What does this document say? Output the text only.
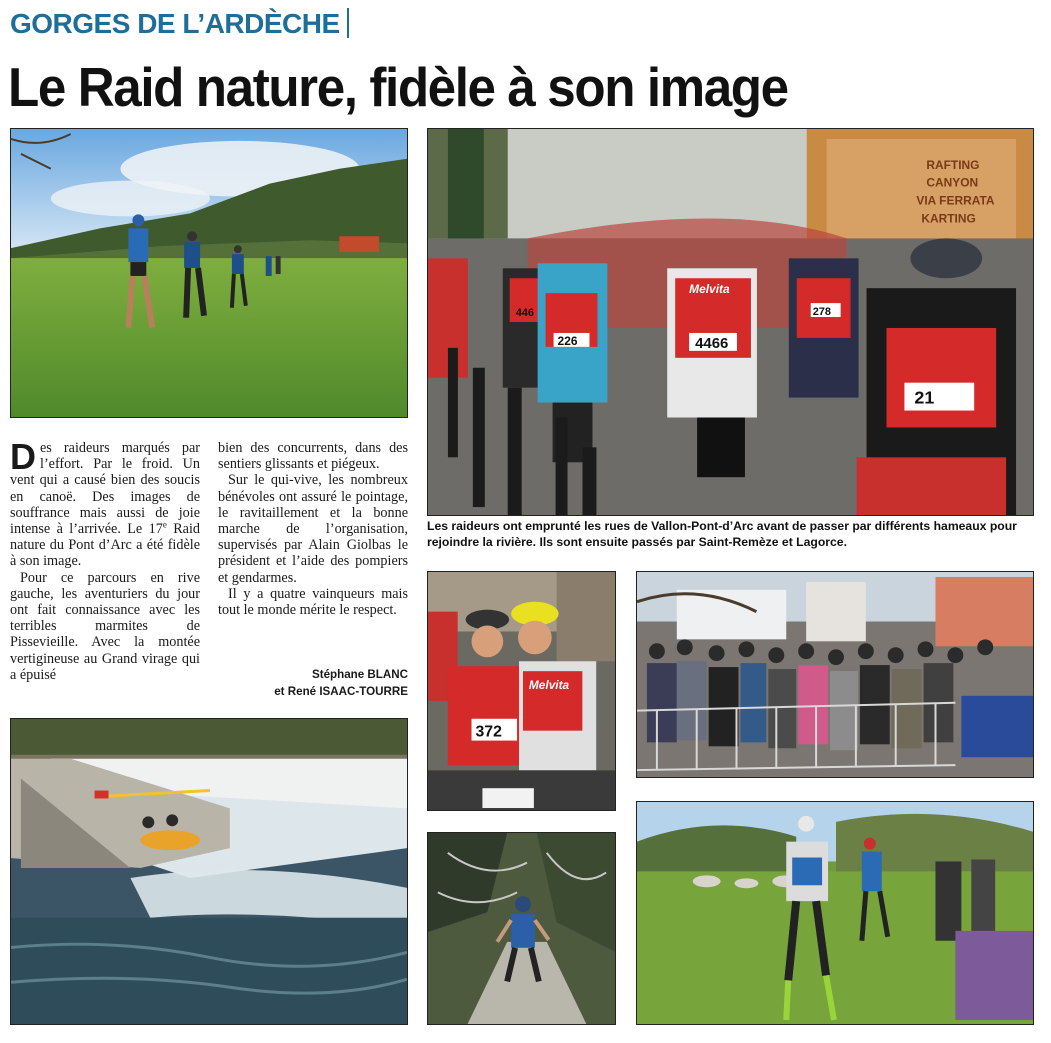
GORGES DE L’ARDÈCHE
Le Raid nature, fidèle à son image
RAFTING
CANYON
VIA FERRATA
KARTING
446
226
Melvita
4466
278
21
Les raideurs ont emprunté les rues de Vallon-Pont-d’Arc avant de passer par différents hameaux pour rejoindre la rivière. Ils sont ensuite passés par Saint-Remèze et Lagorce.

Des raideurs marqués par l’effort. Par le froid. Un vent qui a causé bien des soucis en canoë. Des images de souffrance mais aussi de joie intense à l’arrivée. Le 17e Raid nature du Pont d’Arc a été fidèle à son image.

Pour ce parcours en rive gauche, les aventuriers du jour ont fait connaissance avec les terribles marmites de Pissevieille. Avec la montée vertigineuse au Grand virage qui a épuisé

bien des concurrents, dans des sentiers glissants et piégeux.

Sur le qui-vive, les nombreux bénévoles ont assuré le pointage, le ravitaillement et la bonne marche de l’organisation, supervisés par Alain Giolbas le président et l’aide des pompiers et gendarmes.

Il y a quatre vainqueurs mais tout le monde mérite le respect.

Stéphane BLANC
et René ISAAC-TOURRE	Melvita
372
